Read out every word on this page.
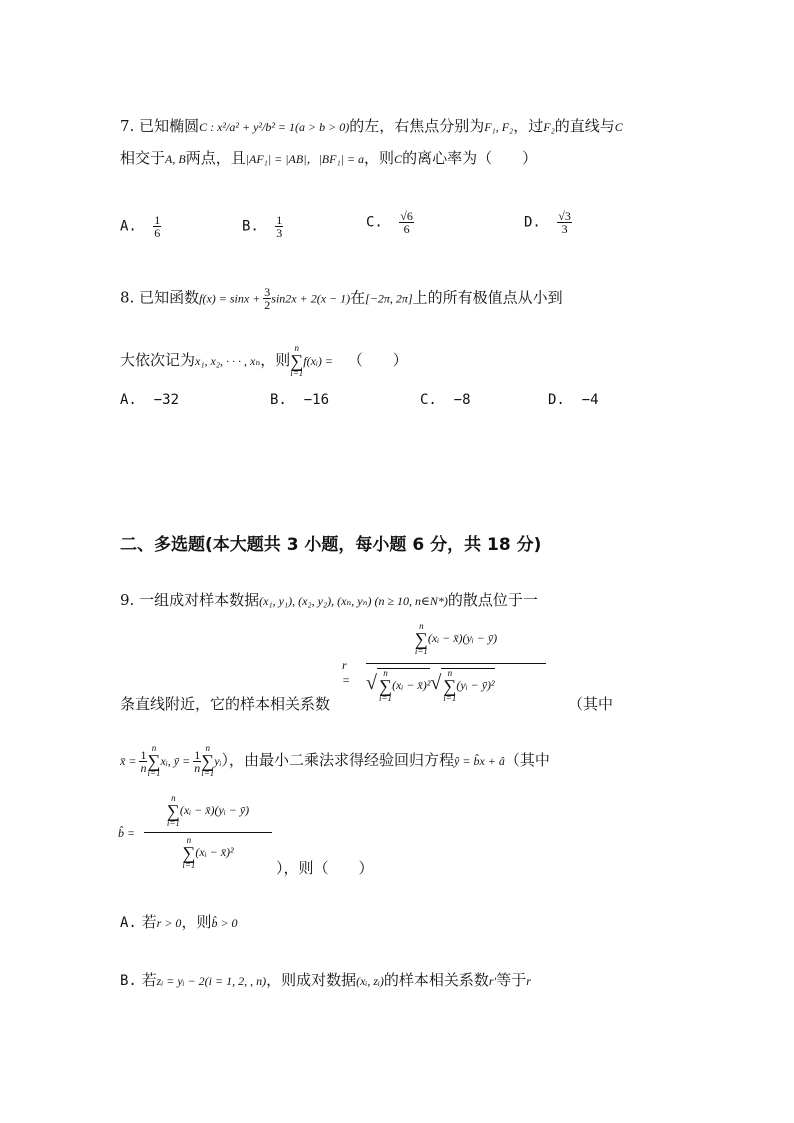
7. 已知椭圆C : x²/a² + y²/b² = 1(a > b > 0)的左，右焦点分别为F₁, F₂，过F₂的直线与C
相交于A, B两点，且|AF₁| = |AB|，|BF₁| = a，则C的离心率为（　　）
A. $\frac{1}{6}$	B. $\frac{1}{3}$	C. $\frac{√6}{6}$	D. $\frac{√3}{3}$
8. 已知函数$f(x) = \sin x + \frac{3}{2} \sin 2x + 2(x - 1)$在[−2π, 2π]上的所有极值点从小到
大依次记为x₁, x₂, · · · , xₙ，则
n
∑
i=1
f(xᵢ) = （　　）
A. −32	B. −16	C. −8	D. −4
二、多选题(本大题共 3 小题，每小题 6 分，共 18 分)
9. 一组成对样本数据(x₁, y₁), (x₂, y₂), (xₙ, yₙ) (n ≥ 10, n∈N*)的散点位于一
r =
n
∑
i=1
(xᵢ − x̄)(yᵢ − ȳ)
√ n
∑
i=1
(xᵢ − x̄)²√ n
∑
i=1
(yᵢ − ȳ)²
条直线附近，它的样本相关系数	（其中
x̄ = $\frac{1}{n}$
n
∑
i=1
xᵢ, ȳ = $\frac{1}{n}$
n
∑
i=1
yᵢ），由最小二乘法求得经验回归方程ŷ = b̂x + â（其中
b̂ =
n
∑
i=1
(xᵢ − x̄)(yᵢ − ȳ)
n
∑
i=1
(xᵢ − x̄)²
），则（　　）
A. 若r > 0，则b̂ > 0
B. 若zᵢ = yᵢ − 2(i = 1, 2, , n)，则成对数据(xᵢ, zᵢ)的样本相关系数r′等于r
